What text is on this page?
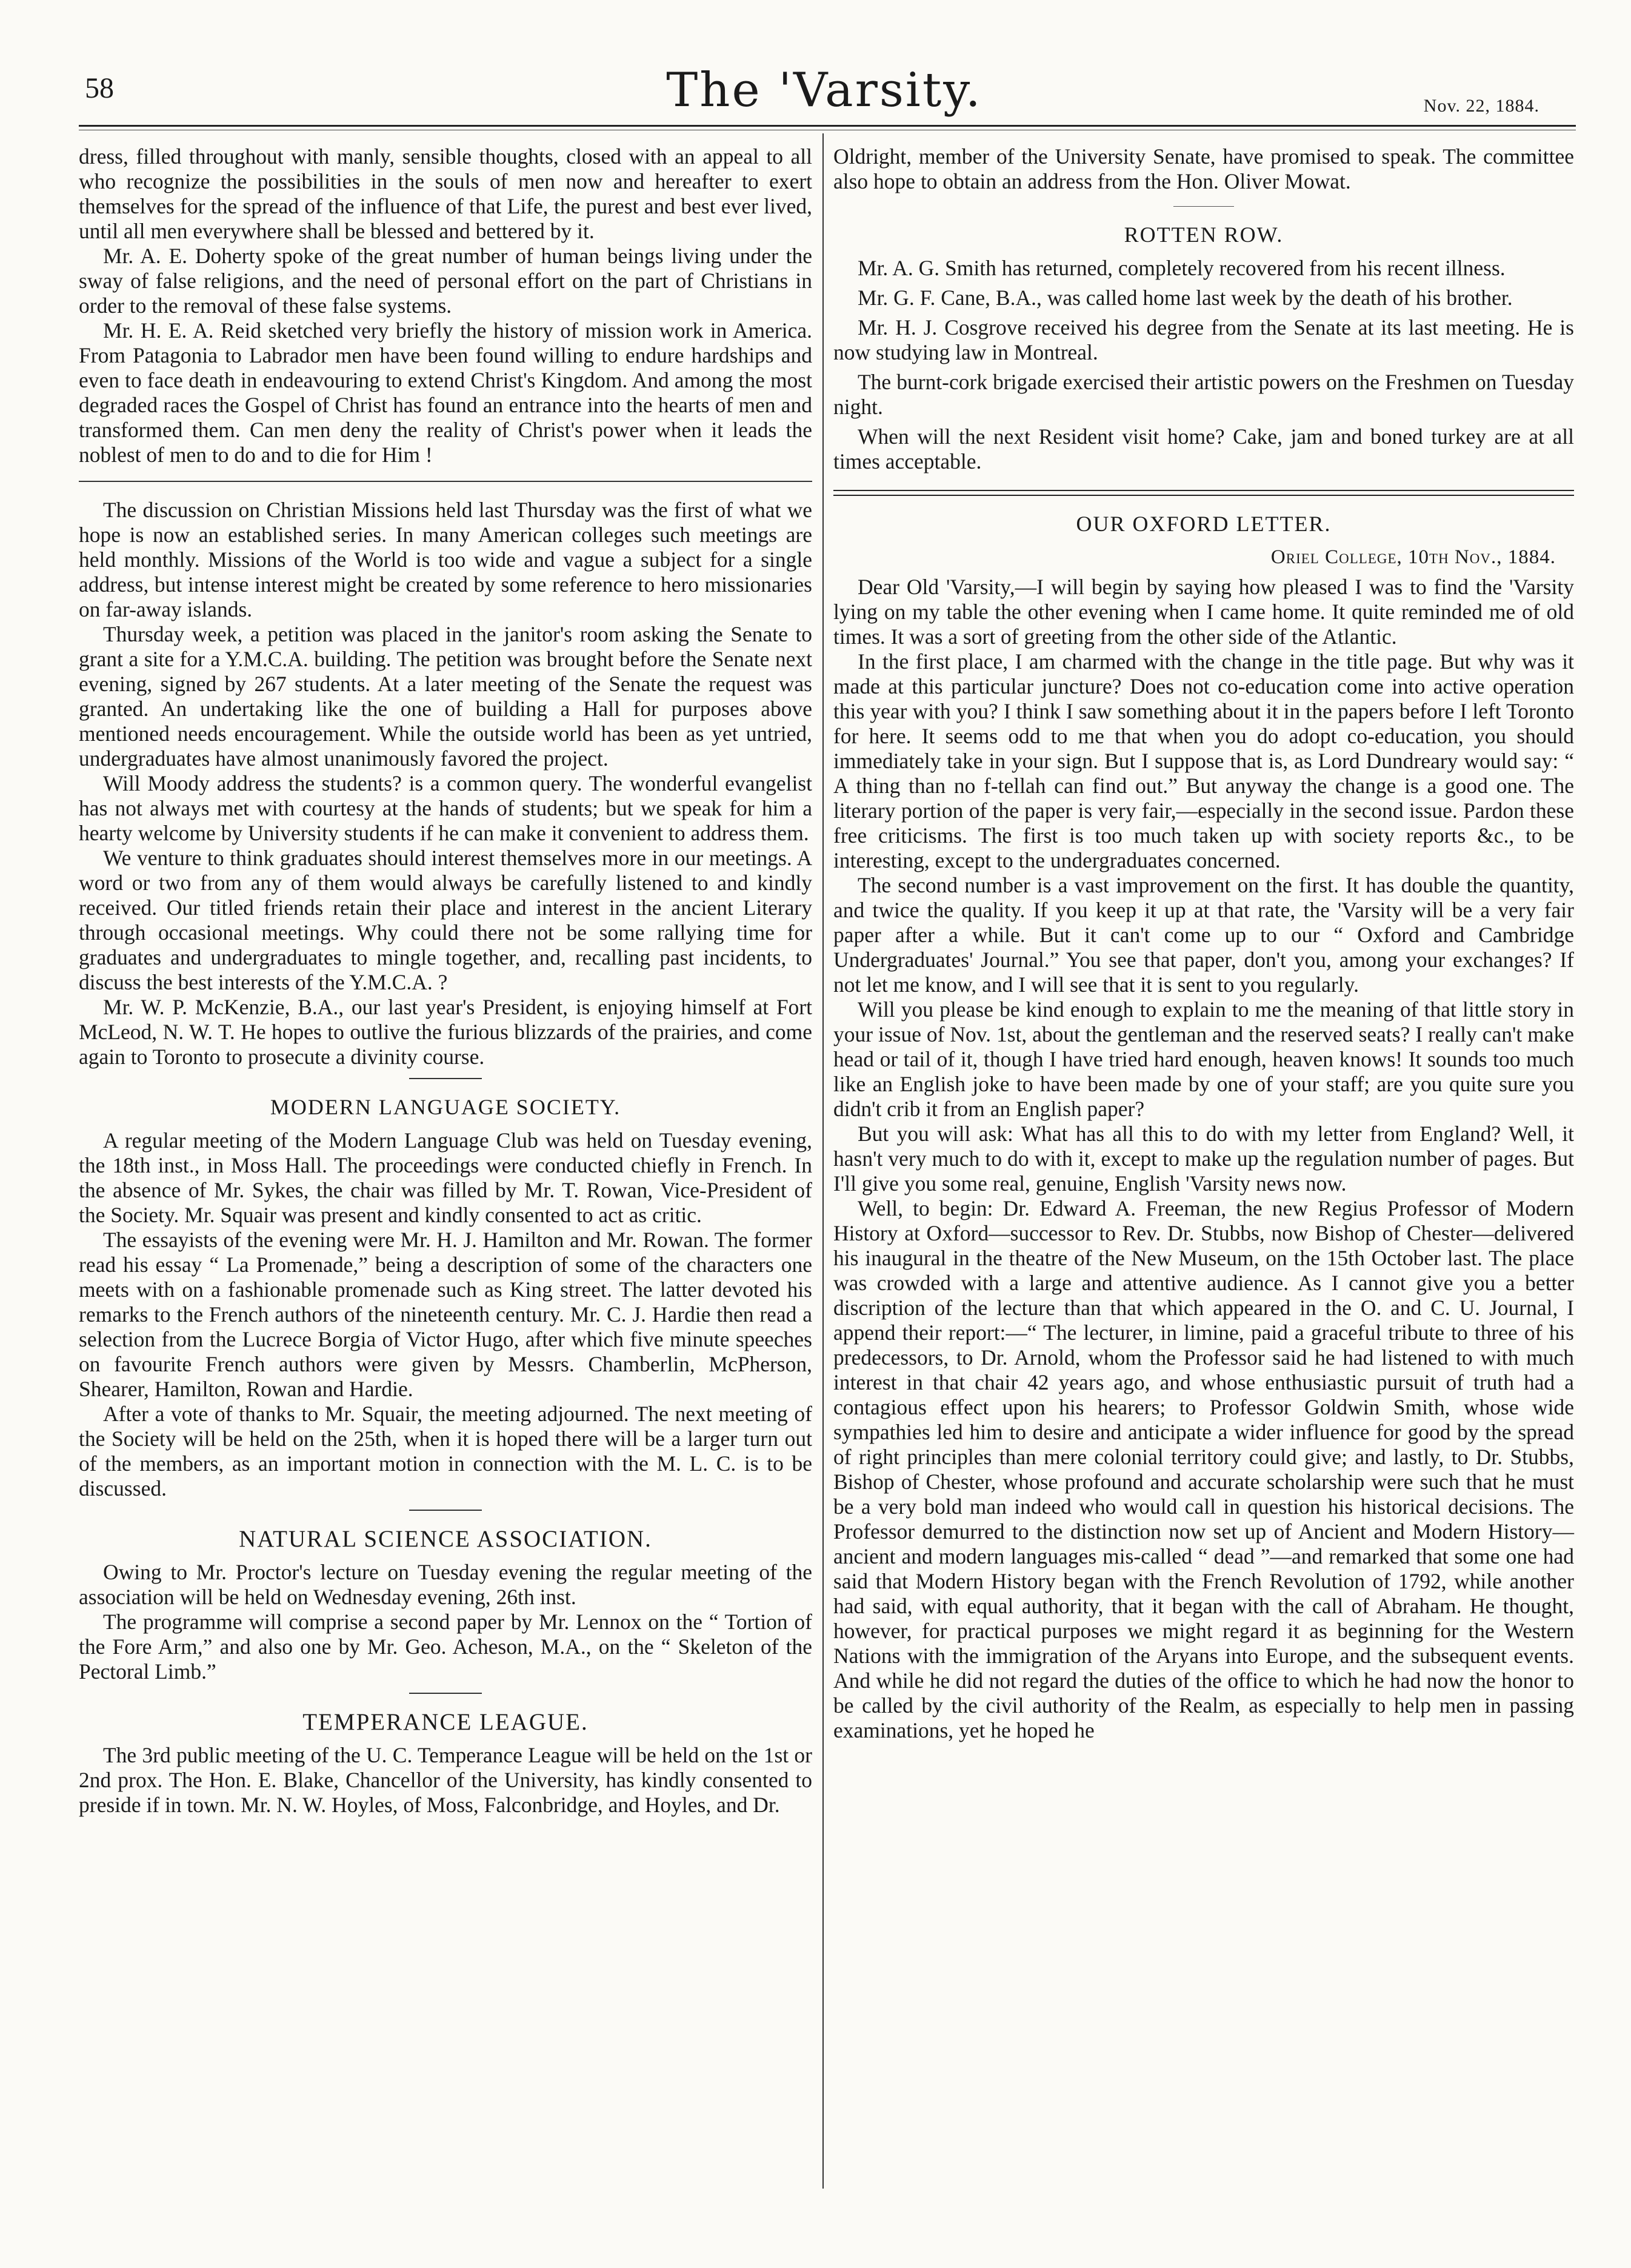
58	The 'Varsity.	Nov. 22, 1884.

dress, filled throughout with manly, sensible thoughts, closed with an appeal to all who recognize the possibilities in the souls of men now and hereafter to exert themselves for the spread of the influence of that Life, the purest and best ever lived, until all men everywhere shall be blessed and bettered by it.

Mr. A. E. Doherty spoke of the great number of human beings living under the sway of false religions, and the need of personal effort on the part of Christians in order to the removal of these false systems.

Mr. H. E. A. Reid sketched very briefly the history of mission work in America. From Patagonia to Labrador men have been found willing to endure hardships and even to face death in endeavouring to extend Christ's Kingdom. And among the most degraded races the Gospel of Christ has found an entrance into the hearts of men and transformed them. Can men deny the reality of Christ's power when it leads the noblest of men to do and to die for Him !

The discussion on Christian Missions held last Thursday was the first of what we hope is now an established series. In many American colleges such meetings are held monthly. Missions of the World is too wide and vague a subject for a single address, but intense interest might be created by some reference to hero missionaries on far-away islands.

Thursday week, a petition was placed in the janitor's room asking the Senate to grant a site for a Y.M.C.A. building. The petition was brought before the Senate next evening, signed by 267 students. At a later meeting of the Senate the request was granted. An undertaking like the one of building a Hall for purposes above mentioned needs encouragement. While the outside world has been as yet untried, undergraduates have almost unanimously favored the project.

Will Moody address the students? is a common query. The wonderful evangelist has not always met with courtesy at the hands of students; but we speak for him a hearty welcome by University students if he can make it convenient to address them.

We venture to think graduates should interest themselves more in our meetings. A word or two from any of them would always be carefully listened to and kindly received. Our titled friends retain their place and interest in the ancient Literary through occasional meetings. Why could there not be some rallying time for graduates and undergraduates to mingle together, and, recalling past incidents, to discuss the best interests of the Y.M.C.A. ?

Mr. W. P. McKenzie, B.A., our last year's President, is enjoying himself at Fort McLeod, N. W. T. He hopes to outlive the furious blizzards of the prairies, and come again to Toronto to prosecute a divinity course.

MODERN LANGUAGE SOCIETY.

A regular meeting of the Modern Language Club was held on Tuesday evening, the 18th inst., in Moss Hall. The proceedings were conducted chiefly in French. In the absence of Mr. Sykes, the chair was filled by Mr. T. Rowan, Vice-President of the Society. Mr. Squair was present and kindly consented to act as critic.

The essayists of the evening were Mr. H. J. Hamilton and Mr. Rowan. The former read his essay “ La Promenade,” being a description of some of the characters one meets with on a fashionable promenade such as King street. The latter devoted his remarks to the French authors of the nineteenth century. Mr. C. J. Hardie then read a selection from the Lucrece Borgia of Victor Hugo, after which five minute speeches on favourite French authors were given by Messrs. Chamberlin, McPherson, Shearer, Hamilton, Rowan and Hardie.

After a vote of thanks to Mr. Squair, the meeting adjourned. The next meeting of the Society will be held on the 25th, when it is hoped there will be a larger turn out of the members, as an important motion in connection with the M. L. C. is to be discussed.

NATURAL SCIENCE ASSOCIATION.

Owing to Mr. Proctor's lecture on Tuesday evening the regular meeting of the association will be held on Wednesday evening, 26th inst.

The programme will comprise a second paper by Mr. Lennox on the “ Tortion of the Fore Arm,” and also one by Mr. Geo. Acheson, M.A., on the “ Skeleton of the Pectoral Limb.”

TEMPERANCE LEAGUE.

The 3rd public meeting of the U. C. Temperance League will be held on the 1st or 2nd prox. The Hon. E. Blake, Chancellor of the University, has kindly consented to preside if in town. Mr. N. W. Hoyles, of Moss, Falconbridge, and Hoyles, and Dr.

Oldright, member of the University Senate, have promised to speak. The committee also hope to obtain an address from the Hon. Oliver Mowat.

ROTTEN ROW.

Mr. A. G. Smith has returned, completely recovered from his recent illness.

Mr. G. F. Cane, B.A., was called home last week by the death of his brother.

Mr. H. J. Cosgrove received his degree from the Senate at its last meeting. He is now studying law in Montreal.

The burnt-cork brigade exercised their artistic powers on the Freshmen on Tuesday night.

When will the next Resident visit home? Cake, jam and boned turkey are at all times acceptable.

OUR OXFORD LETTER.
Oriel College, 10th Nov., 1884.

Dear Old 'Varsity,—I will begin by saying how pleased I was to find the 'Varsity lying on my table the other evening when I came home. It quite reminded me of old times. It was a sort of greeting from the other side of the Atlantic.

In the first place, I am charmed with the change in the title page. But why was it made at this particular juncture? Does not co-education come into active operation this year with you? I think I saw something about it in the papers before I left Toronto for here. It seems odd to me that when you do adopt co-education, you should immediately take in your sign. But I suppose that is, as Lord Dundreary would say: “ A thing than no f-tellah can find out.” But anyway the change is a good one. The literary portion of the paper is very fair,—especially in the second issue. Pardon these free criticisms. The first is too much taken up with society reports &c., to be interesting, except to the undergraduates concerned.

The second number is a vast improvement on the first. It has double the quantity, and twice the quality. If you keep it up at that rate, the 'Varsity will be a very fair paper after a while. But it can't come up to our “ Oxford and Cambridge Undergraduates' Journal.” You see that paper, don't you, among your exchanges? If not let me know, and I will see that it is sent to you regularly.

Will you please be kind enough to explain to me the meaning of that little story in your issue of Nov. 1st, about the gentleman and the reserved seats? I really can't make head or tail of it, though I have tried hard enough, heaven knows! It sounds too much like an English joke to have been made by one of your staff; are you quite sure you didn't crib it from an English paper?

But you will ask: What has all this to do with my letter from England? Well, it hasn't very much to do with it, except to make up the regulation number of pages. But I'll give you some real, genuine, English 'Varsity news now.

Well, to begin: Dr. Edward A. Freeman, the new Regius Professor of Modern History at Oxford—successor to Rev. Dr. Stubbs, now Bishop of Chester—delivered his inaugural in the theatre of the New Museum, on the 15th October last. The place was crowded with a large and attentive audience. As I cannot give you a better discription of the lecture than that which appeared in the O. and C. U. Journal, I append their report:—“ The lecturer, in limine, paid a graceful tribute to three of his predecessors, to Dr. Arnold, whom the Professor said he had listened to with much interest in that chair 42 years ago, and whose enthusiastic pursuit of truth had a contagious effect upon his hearers; to Professor Goldwin Smith, whose wide sympathies led him to desire and anticipate a wider influence for good by the spread of right principles than mere colonial territory could give; and lastly, to Dr. Stubbs, Bishop of Chester, whose profound and accurate scholarship were such that he must be a very bold man indeed who would call in question his historical decisions. The Professor demurred to the distinction now set up of Ancient and Modern History—ancient and modern languages mis-called “ dead ”—and remarked that some one had said that Modern History began with the French Revolution of 1792, while another had said, with equal authority, that it began with the call of Abraham. He thought, however, for practical purposes we might regard it as beginning for the Western Nations with the immigration of the Aryans into Europe, and the subsequent events. And while he did not regard the duties of the office to which he had now the honor to be called by the civil authority of the Realm, as especially to help men in passing examinations, yet he hoped he
